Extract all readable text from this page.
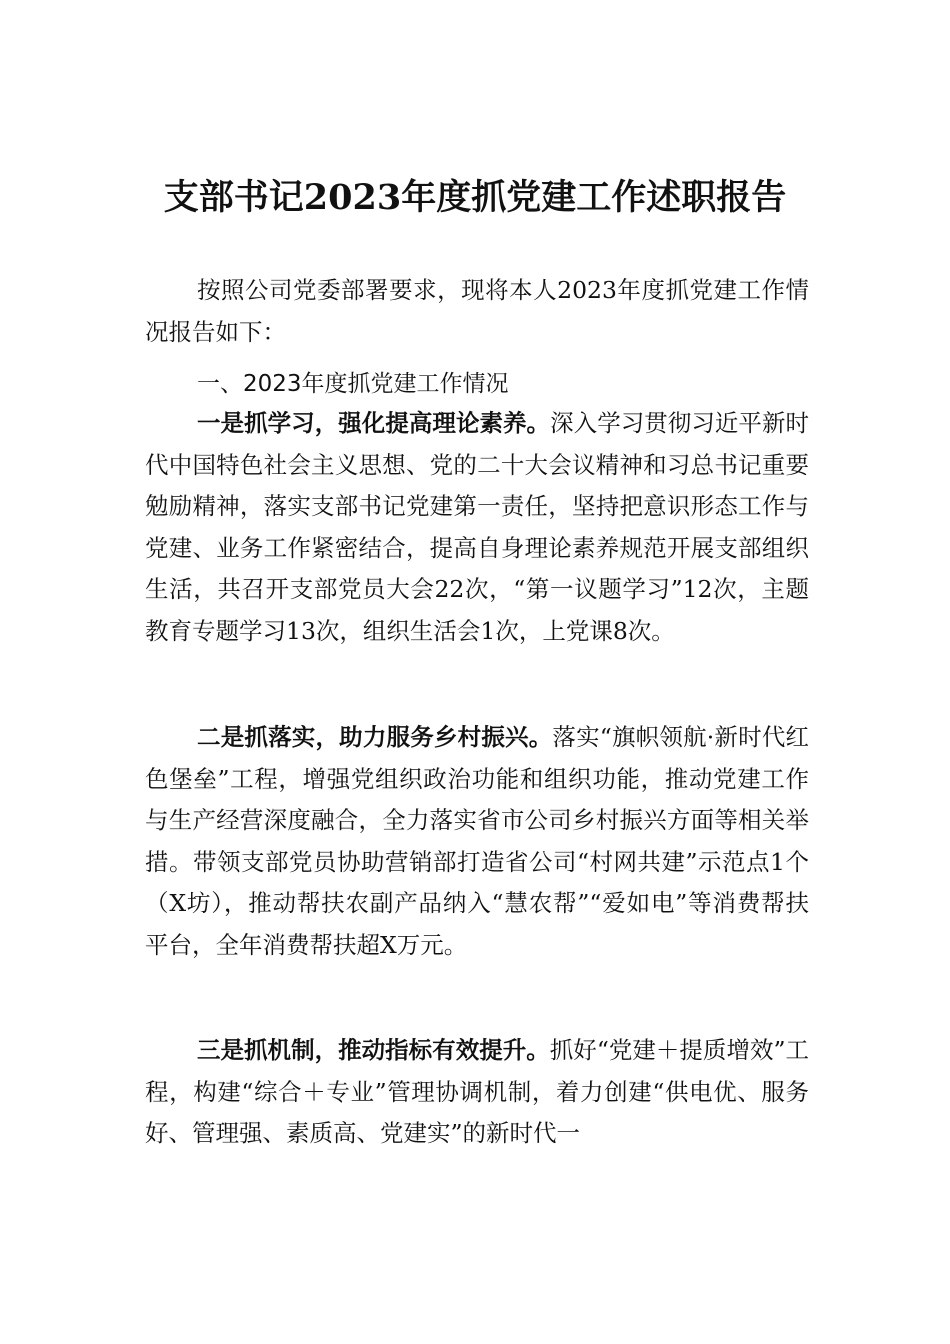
支部书记2023年度抓党建工作述职报告

按照公司党委部署要求，现将本人2023年度抓党建工作情况报告如下：

一、2023年度抓党建工作情况

一是抓学习，强化提高理论素养。深入学习贯彻习近平新时代中国特色社会主义思想、党的二十大会议精神和习总书记重要勉励精神，落实支部书记党建第一责任，坚持把意识形态工作与党建、业务工作紧密结合，提高自身理论素养规范开展支部组织生活，共召开支部党员大会22次，“第一议题学习”12次，主题教育专题学习13次，组织生活会1次，上党课8次。

二是抓落实，助力服务乡村振兴。落实“旗帜领航·新时代红色堡垒”工程，增强党组织政治功能和组织功能，推动党建工作与生产经营深度融合，全力落实省市公司乡村振兴方面等相关举措。带领支部党员协助营销部打造省公司“村网共建”示范点1个（X坊），推动帮扶农副产品纳入“慧农帮”“爱如电”等消费帮扶平台，全年消费帮扶超X万元。

三是抓机制，推动指标有效提升。抓好“党建＋提质增效”工程，构建“综合＋专业”管理协调机制，着力创建“供电优、服务好、管理强、素质高、党建实”的新时代一
